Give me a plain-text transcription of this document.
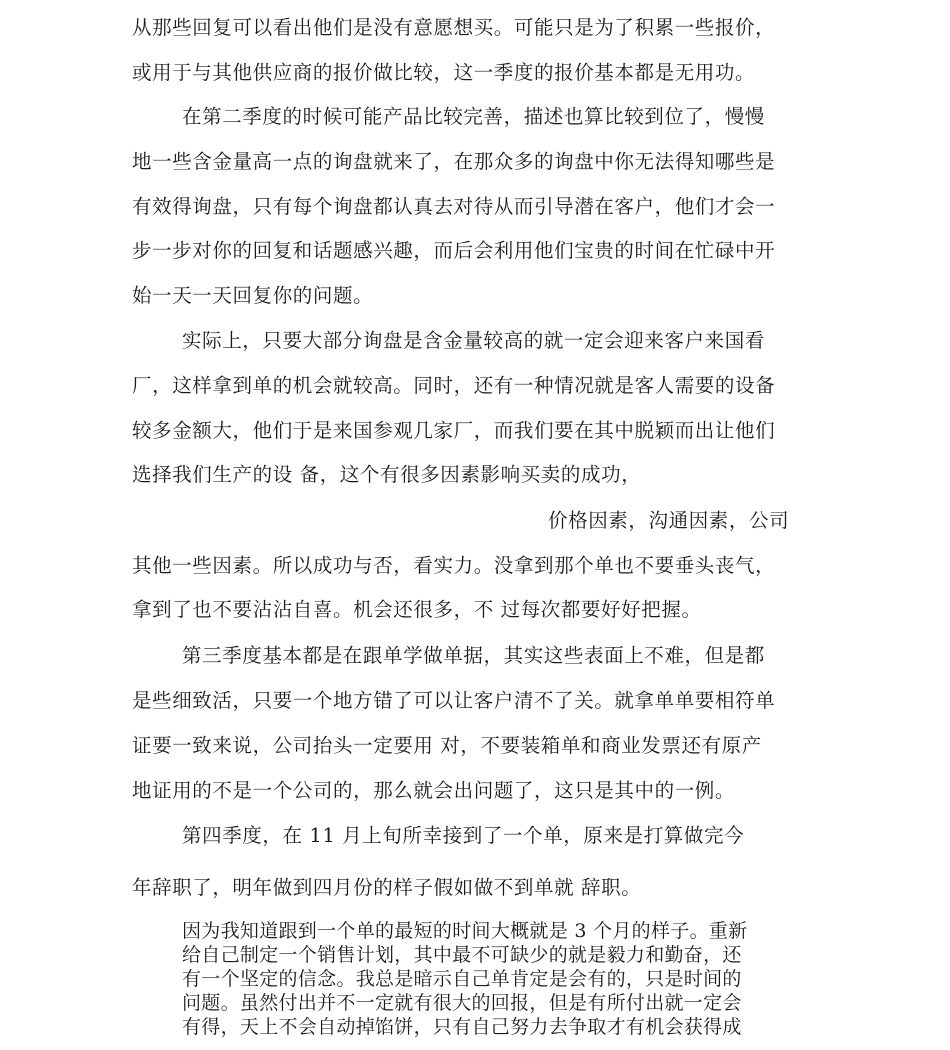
从那些回复可以看出他们是没有意愿想买。可能只是为了积累一些报价，
或用于与其他供应商的报价做比较，这一季度的报价基本都是无用功。
在第二季度的时候可能产品比较完善，描述也算比较到位了，慢慢
地一些含金量高一点的询盘就来了，在那众多的询盘中你无法得知哪些是
有效得询盘，只有每个询盘都认真去对待从而引导潜在客户，他们才会一
步一步对你的回复和话题感兴趣，而后会利用他们宝贵的时间在忙碌中开
始一天一天回复你的问题。
实际上，只要大部分询盘是含金量较高的就一定会迎来客户来国看
厂，这样拿到单的机会就较高。同时，还有一种情况就是客人需要的设备
较多金额大，他们于是来国参观几家厂，而我们要在其中脱颖而出让他们
选择我们生产的设 备，这个有很多因素影响买卖的成功，
价格因素，沟通因素，公司
其他一些因素。所以成功与否，看实力。没拿到那个单也不要垂头丧气，
拿到了也不要沾沾自喜。机会还很多，不 过每次都要好好把握。
第三季度基本都是在跟单学做单据，其实这些表面上不难，但是都
是些细致活，只要一个地方错了可以让客户清不了关。就拿单单要相符单
证要一致来说，公司抬头一定要用 对，不要装箱单和商业发票还有原产
地证用的不是一个公司的，那么就会出问题了，这只是其中的一例。
第四季度，在 11 月上旬所幸接到了一个单，原来是打算做完今
年辞职了，明年做到四月份的样子假如做不到单就 辞职。
因为我知道跟到一个单的最短的时间大概就是 3 个月的样子。重新
给自己制定一个销售计划，其中最不可缺少的就是毅力和勤奋，还
有一个坚定的信念。我总是暗示自己单肯定是会有的，只是时间的
问题。虽然付出并不一定就有很大的回报，但是有所付出就一定会
有得，天上不会自动掉馅饼，只有自己努力去争取才有机会获得成
